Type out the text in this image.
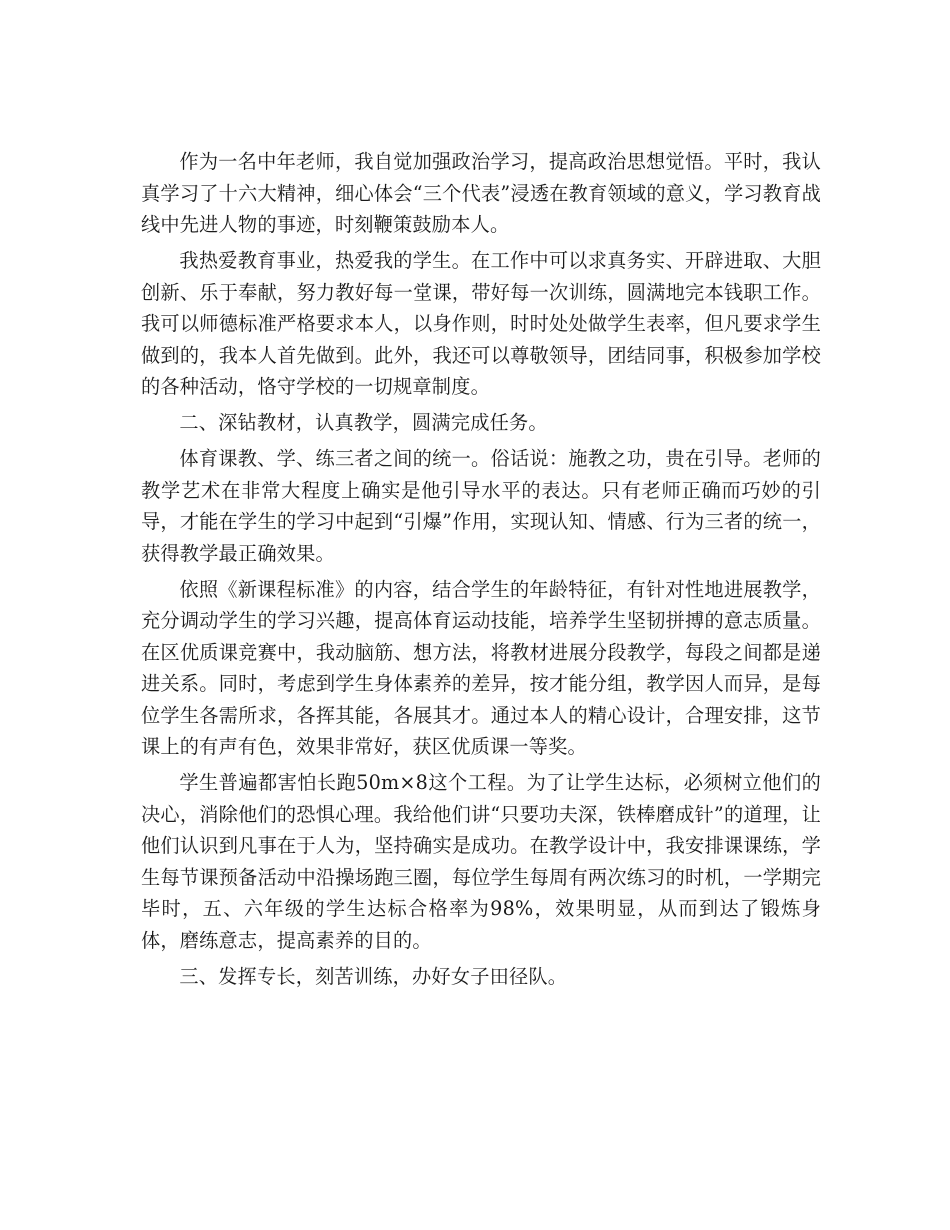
作为一名中年老师，我自觉加强政治学习，提高政治思想觉悟。平时，我认真学习了十六大精神，细心体会“三个代表”浸透在教育领域的意义，学习教育战线中先进人物的事迹，时刻鞭策鼓励本人。

我热爱教育事业，热爱我的学生。在工作中可以求真务实、开辟进取、大胆创新、乐于奉献，努力教好每一堂课，带好每一次训练，圆满地完本钱职工作。我可以师德标准严格要求本人，以身作则，时时处处做学生表率，但凡要求学生做到的，我本人首先做到。此外，我还可以尊敬领导，团结同事，积极参加学校的各种活动，恪守学校的一切规章制度。

二、深钻教材，认真教学，圆满完成任务。

体育课教、学、练三者之间的统一。俗话说：施教之功，贵在引导。老师的教学艺术在非常大程度上确实是他引导水平的表达。只有老师正确而巧妙的引导，才能在学生的学习中起到“引爆”作用，实现认知、情感、行为三者的统一，获得教学最正确效果。

依照《新课程标准》的内容，结合学生的年龄特征，有针对性地进展教学，充分调动学生的学习兴趣，提高体育运动技能，培养学生坚韧拼搏的意志质量。在区优质课竞赛中，我动脑筋、想方法，将教材进展分段教学，每段之间都是递进关系。同时，考虑到学生身体素养的差异，按才能分组，教学因人而异，是每位学生各需所求，各挥其能，各展其才。通过本人的精心设计，合理安排，这节课上的有声有色，效果非常好，获区优质课一等奖。

学生普遍都害怕长跑50m×8这个工程。为了让学生达标，必须树立他们的决心，消除他们的恐惧心理。我给他们讲“只要功夫深，铁棒磨成针”的道理，让他们认识到凡事在于人为，坚持确实是成功。在教学设计中，我安排课课练，学生每节课预备活动中沿操场跑三圈，每位学生每周有两次练习的时机，一学期完毕时，五、六年级的学生达标合格率为98%，效果明显，从而到达了锻炼身体，磨练意志，提高素养的目的。

三、发挥专长，刻苦训练，办好女子田径队。
